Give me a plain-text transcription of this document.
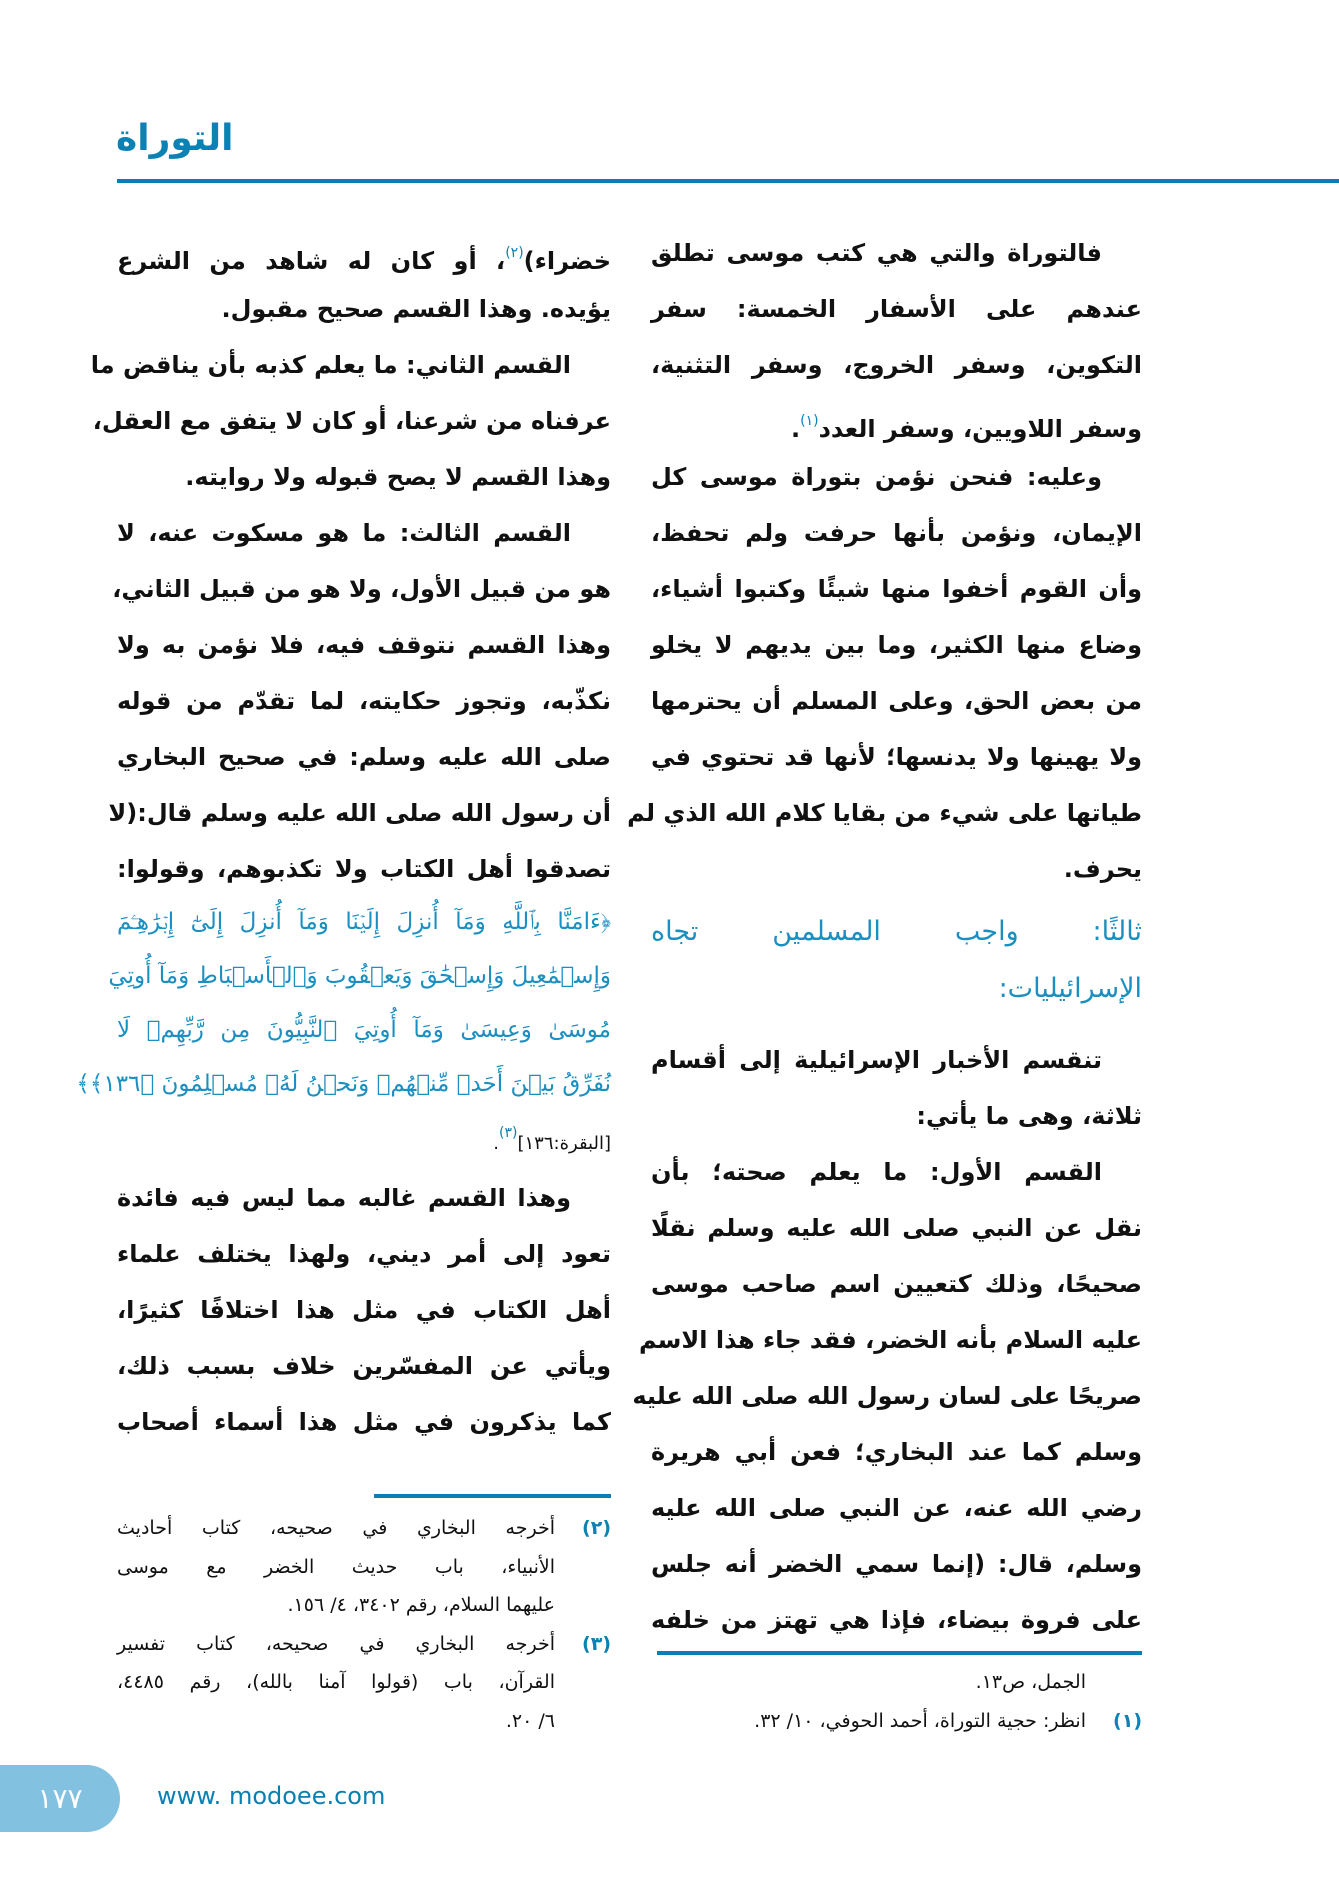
التوراة
فالتوراة والتي هي كتب موسى تطلق
عندهم على الأسفار الخمسة: سفر
التكوين، وسفر الخروج، وسفر التثنية،
وسفر اللاويين، وسفر العدد$^{(١)}$.
وعليه: فنحن نؤمن بتوراة موسى كل
الإيمان، ونؤمن بأنها حرفت ولم تحفظ،
وأن القوم أخفوا منها شيئًا وكتبوا أشياء،
وضاع منها الكثير، وما بين يديهم لا يخلو
من بعض الحق، وعلى المسلم أن يحترمها
ولا يهينها ولا يدنسها؛ لأنها قد تحتوي في
طياتها على شيء من بقايا كلام الله الذي لم
يحرف.
ثالثًا: واجب المسلمين تجاه
الإسرائيليات:
تنقسم الأخبار الإسرائيلية إلى أقسام
ثلاثة، وهى ما يأتي:
القسم الأول: ما يعلم صحته؛ بأن
نقل عن النبي صلى الله عليه وسلم نقلًا
صحيحًا، وذلك كتعيين اسم صاحب موسى
عليه السلام بأنه الخضر، فقد جاء هذا الاسم
صريحًا على لسان رسول الله صلى الله عليه
وسلم كما عند البخاري؛ فعن أبي هريرة
رضي الله عنه، عن النبي صلى الله عليه
وسلم، قال: (إنما سمي الخضر أنه جلس
على فروة بيضاء، فإذا هي تهتز من خلفه
الجمل، ص١٣.
(١)
انظر: حجية التوراة، أحمد الحوفي، ١٠/ ٣٢.
خضراء)$^{(٢)}$، أو كان له شاهد من الشرع
يؤيده. وهذا القسم صحيح مقبول.
القسم الثاني: ما يعلم كذبه بأن يناقض ما
عرفناه من شرعنا، أو كان لا يتفق مع العقل،
وهذا القسم لا يصح قبوله ولا روايته.
القسم الثالث: ما هو مسكوت عنه، لا
هو من قبيل الأول، ولا هو من قبيل الثاني،
وهذا القسم نتوقف فيه، فلا نؤمن به ولا
نكذّبه، وتجوز حكايته، لما تقدّم من قوله
صلى الله عليه وسلم: في صحيح البخاري
أن رسول الله صلى الله عليه وسلم قال:(لا
تصدقوا أهل الكتاب ولا تكذبوهم، وقولوا:
﴿ءَامَنَّا بِٱللَّهِ وَمَآ أُنزِلَ إِلَيۡنَا وَمَآ أُنزِلَ إِلَىٰٓ إِبۡرَٰهِـۧمَ
وَإِسۡمَٰعِيلَ وَإِسۡحَٰقَ وَيَعۡقُوبَ وَٱلۡأَسۡبَاطِ وَمَآ أُوتِيَ
مُوسَىٰ وَعِيسَىٰ وَمَآ أُوتِيَ ٱلنَّبِيُّونَ مِن رَّبِّهِمۡ لَا
نُفَرِّقُ بَيۡنَ أَحَدٖ مِّنۡهُمۡ وَنَحۡنُ لَهُۥ مُسۡلِمُونَ ﴿١٣٦﴾﴾
[البقرة:١٣٦]$^{(٣)}$.
وهذا القسم غالبه مما ليس فيه فائدة
تعود إلى أمر ديني، ولهذا يختلف علماء
أهل الكتاب في مثل هذا اختلافًا كثيرًا،
ويأتي عن المفسّرين خلاف بسبب ذلك،
كما يذكرون في مثل هذا أسماء أصحاب
(٢)
أخرجه البخاري في صحيحه، كتاب أحاديث
الأنبياء، باب حديث الخضر مع موسى
عليهما السلام، رقم ٣٤٠٢، ٤/ ١٥٦.
(٣)
أخرجه البخاري في صحيحه، كتاب تفسير
القرآن، باب (قولوا آمنا بالله)، رقم ٤٤٨٥،
٦/ ٢٠.
١٧٧	www. modoee.com
